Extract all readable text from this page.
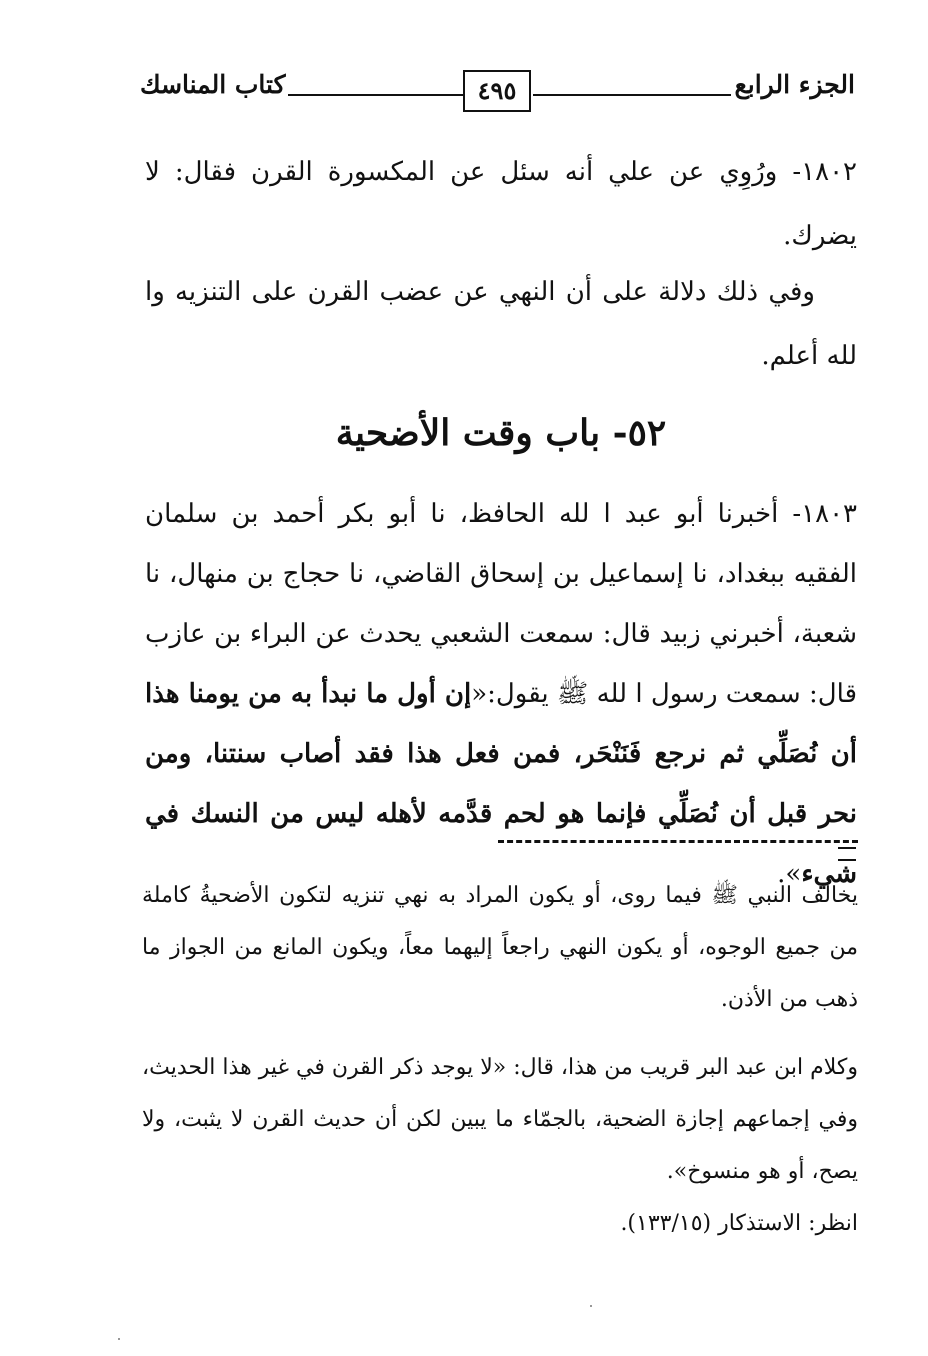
الجزء الرابع
٤٩٥
كتاب المناسك
١٨٠٢- ورُوِي عن علي أنه سئل عن المكسورة القرن فقال: لا يضرك.
وفي ذلك دلالة على أن النهي عن عضب القرن على التنزيه وا لله أعلم.
٥٢- باب وقت الأضحية
١٨٠٣- أخبرنا أبو عبد ا لله الحافظ، نا أبو بكر أحمد بن سلمان الفقيه ببغداد، نا إسماعيل بن إسحاق القاضي، نا حجاج بن منهال، نا شعبة، أخبرني زبيد قال: سمعت الشعبي يحدث عن البراء بن عازب قال: سمعت رسول ا لله ﷺ يقول:«إن أول ما نبدأ به من يومنا هذا أن نُصَلِّي ثم نرجع فَنَنْحَر، فمن فعل هذا فقد أصاب سنتنا، ومن نحر قبل أن نُصَلِّي فإنما هو لحم قدَّمه لأهله ليس من النسك في شيء».
يخالف النبي ﷺ فيما روى، أو يكون المراد به نهي تنزيه لتكون الأضحيةُ كاملة من جميع الوجوه، أو يكون النهي راجعاً إليهما معاً، ويكون المانع من الجواز ما ذهب من الأذن.
وكلام ابن عبد البر قريب من هذا، قال: «لا يوجد ذكر القرن في غير هذا الحديث، وفي إجماعهم إجازة الضحية، بالجمّاء ما يبين لكن أن حديث القرن لا يثبت، ولا يصح، أو هو منسوخ».
انظر: الاستذكار (١٣٣/١٥).
